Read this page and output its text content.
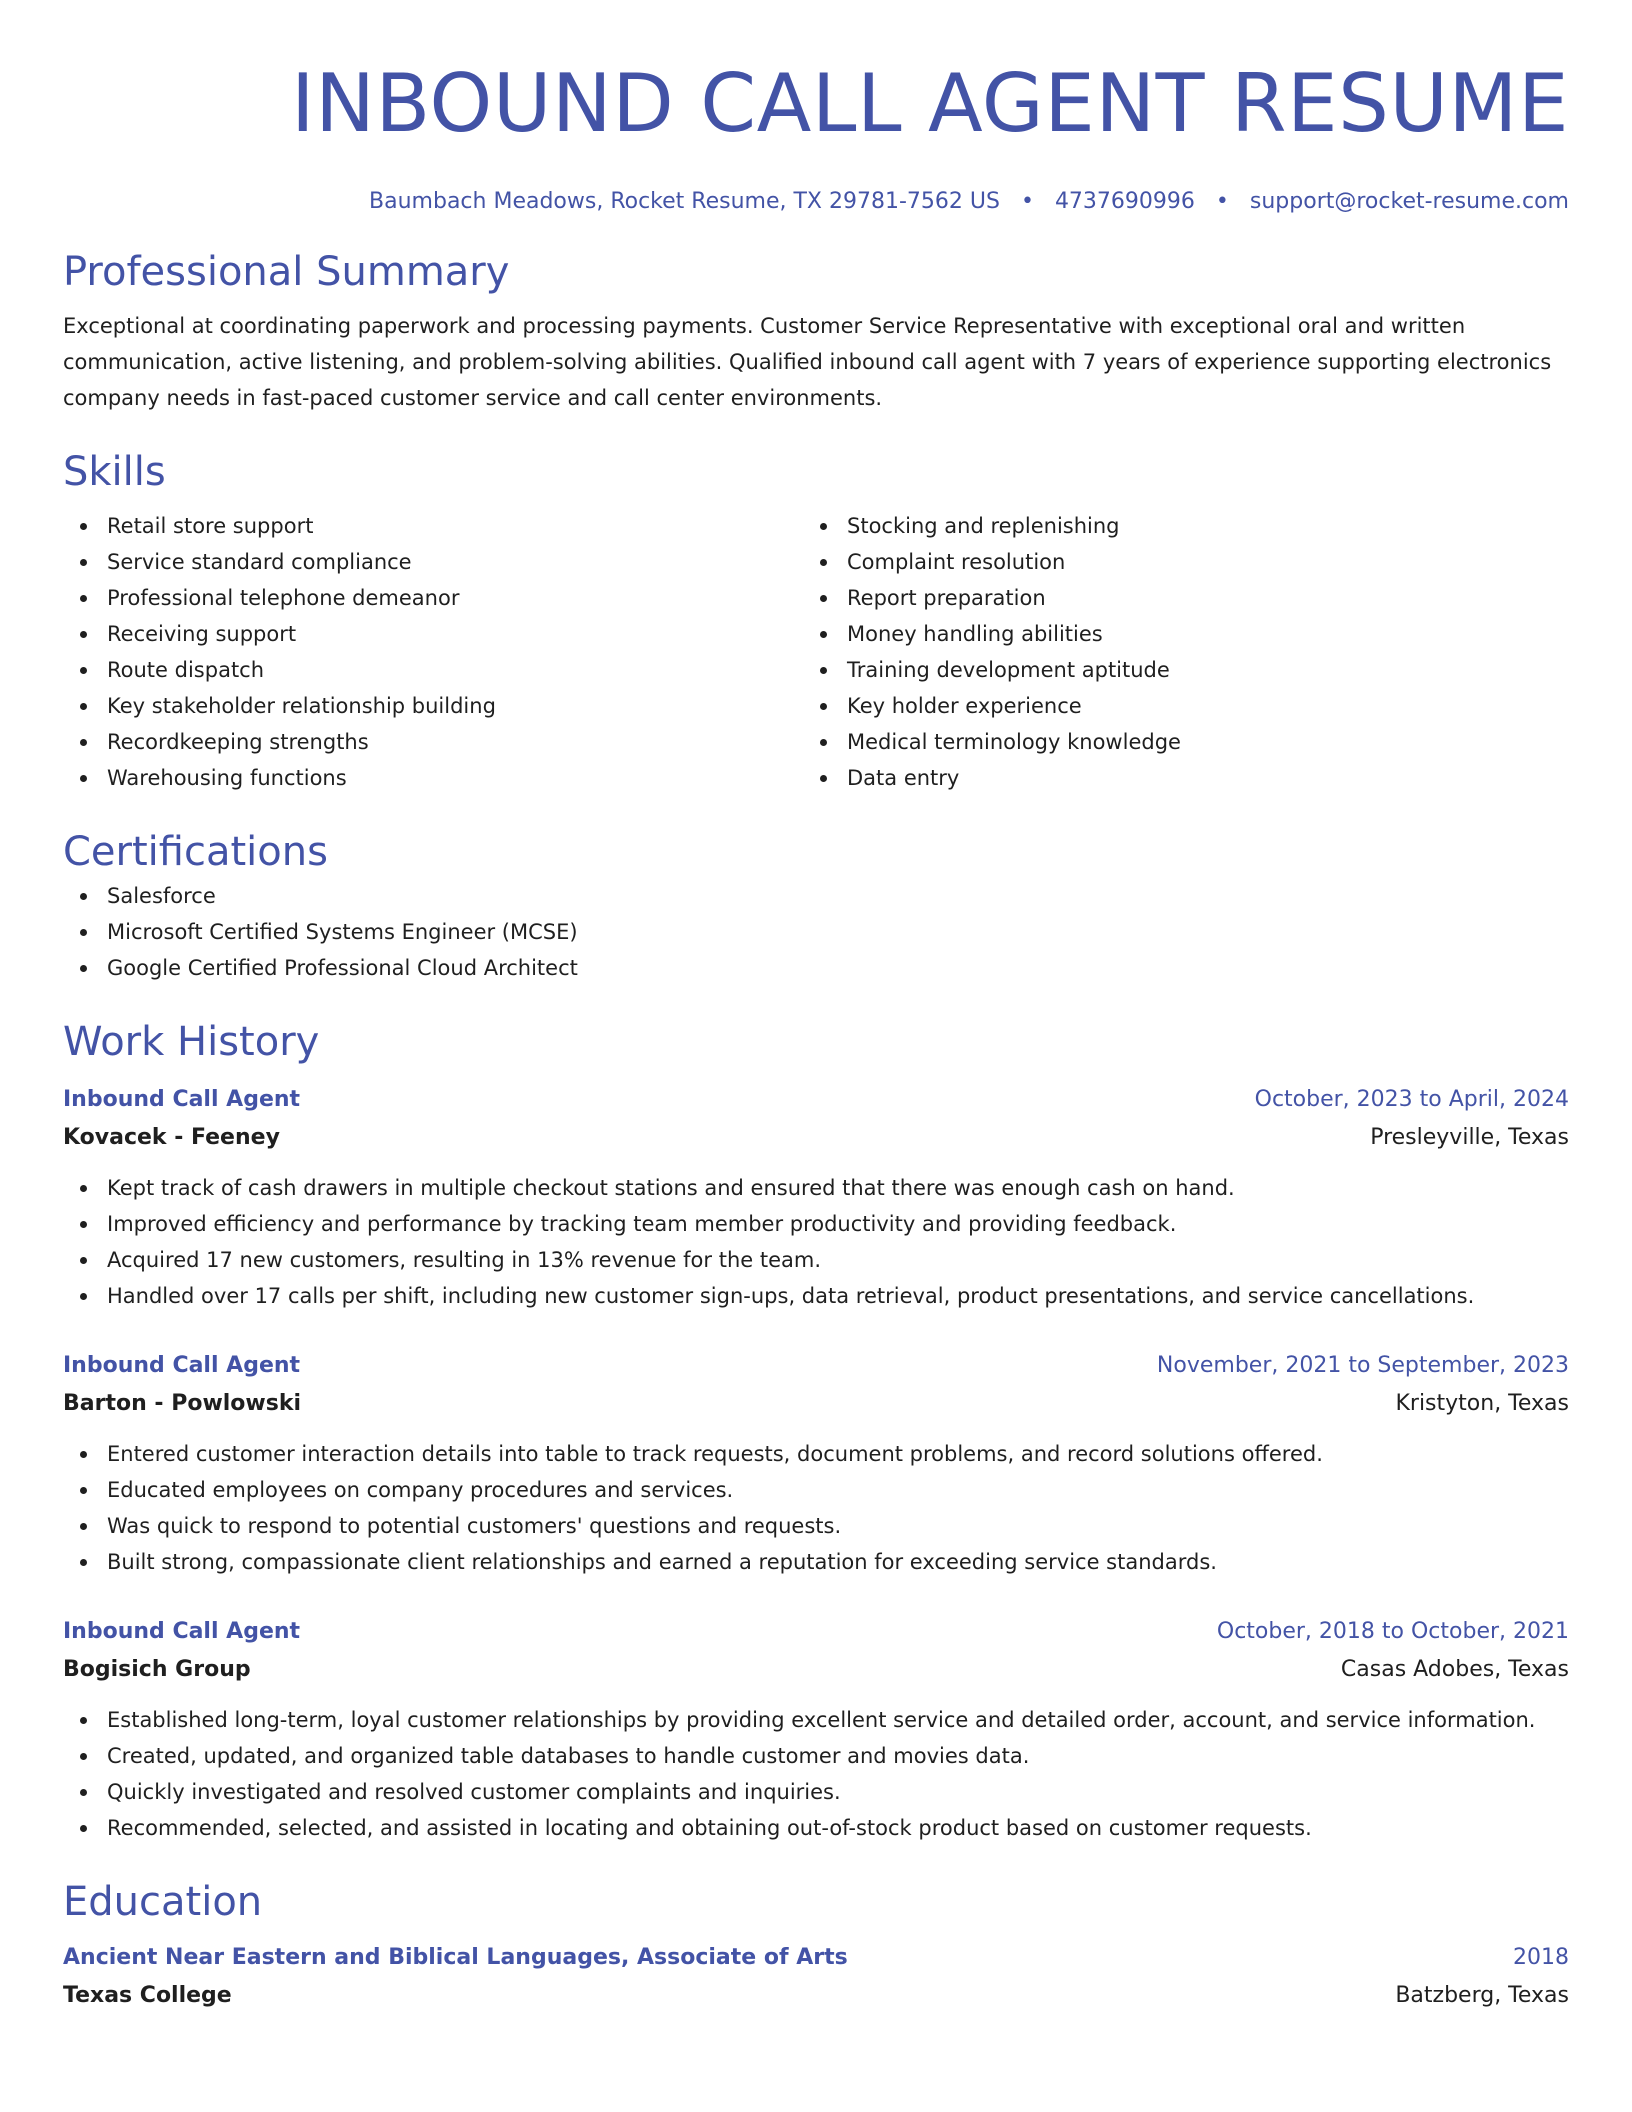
INBOUND CALL AGENT RESUME
Baumbach Meadows, Rocket Resume, TX 29781-7562 US • 4737690996 • support@rocket-resume.com
Professional Summary

Exceptional at coordinating paperwork and processing payments. Customer Service Representative with exceptional oral and written communication, active listening, and problem-solving abilities. Qualified inbound call agent with 7 years of experience supporting electronics company needs in fast-paced customer service and call center environments.

Skills
Retail store support
Service standard compliance
Professional telephone demeanor
Receiving support
Route dispatch
Key stakeholder relationship building
Recordkeeping strengths
Warehousing functions
Stocking and replenishing
Complaint resolution
Report preparation
Money handling abilities
Training development aptitude
Key holder experience
Medical terminology knowledge
Data entry
Certifications
Salesforce
Microsoft Certified Systems Engineer (MCSE)
Google Certified Professional Cloud Architect
Work History
Inbound Call Agent	October, 2023 to April, 2024
Kovacek - Feeney	Presleyville, Texas
Kept track of cash drawers in multiple checkout stations and ensured that there was enough cash on hand.
Improved efficiency and performance by tracking team member productivity and providing feedback.
Acquired 17 new customers, resulting in 13% revenue for the team.
Handled over 17 calls per shift, including new customer sign-ups, data retrieval, product presentations, and service cancellations.
Inbound Call Agent	November, 2021 to September, 2023
Barton - Powlowski	Kristyton, Texas
Entered customer interaction details into table to track requests, document problems, and record solutions offered.
Educated employees on company procedures and services.
Was quick to respond to potential customers' questions and requests.
Built strong, compassionate client relationships and earned a reputation for exceeding service standards.
Inbound Call Agent	October, 2018 to October, 2021
Bogisich Group	Casas Adobes, Texas
Established long-term, loyal customer relationships by providing excellent service and detailed order, account, and service information.
Created, updated, and organized table databases to handle customer and movies data.
Quickly investigated and resolved customer complaints and inquiries.
Recommended, selected, and assisted in locating and obtaining out-of-stock product based on customer requests.
Education
Ancient Near Eastern and Biblical Languages, Associate of Arts	2018
Texas College	Batzberg, Texas
